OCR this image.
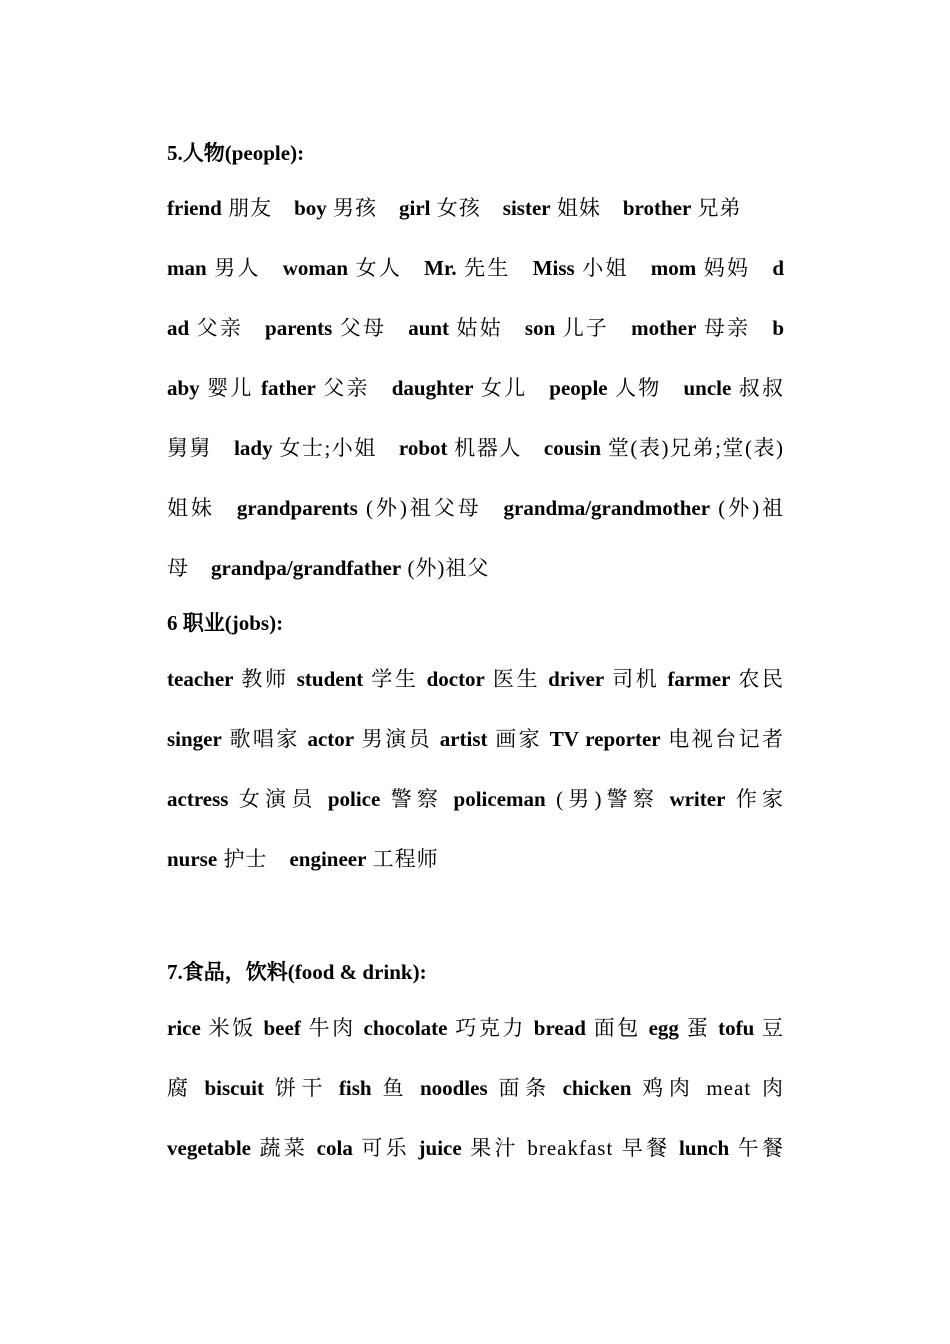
5.人物(people):
friend 朋友 boy 男孩 girl 女孩 sister 姐妹 brother 兄弟
man 男人 woman 女人 Mr. 先生 Miss 小姐 mom 妈妈 d
ad 父亲 parents 父母 aunt 姑姑 son 儿子 mother 母亲 b
aby 婴儿 father 父亲 daughter 女儿 people 人物 uncle 叔叔
舅舅 lady 女士;小姐 robot 机器人 cousin 堂(表)兄弟;堂(表)
姐妹 grandparents (外)祖父母 grandma/grandmother (外)祖
母 grandpa/grandfather (外)祖父
6 职业(jobs):
teacher 教师 student 学生 doctor 医生 driver 司机 farmer 农民
singer 歌唱家 actor 男演员 artist 画家 TV reporter 电视台记者
actress 女演员 police 警察 policeman (男)警察 writer 作家
nurse 护士 engineer 工程师
7.食品，饮料(food & drink):
rice 米饭 beef 牛肉 chocolate 巧克力 bread 面包 egg 蛋 tofu 豆
腐 biscuit 饼干 fish 鱼 noodles 面条 chicken 鸡肉 meat 肉
vegetable 蔬菜 cola 可乐 juice 果汁 breakfast 早餐 lunch 午餐
